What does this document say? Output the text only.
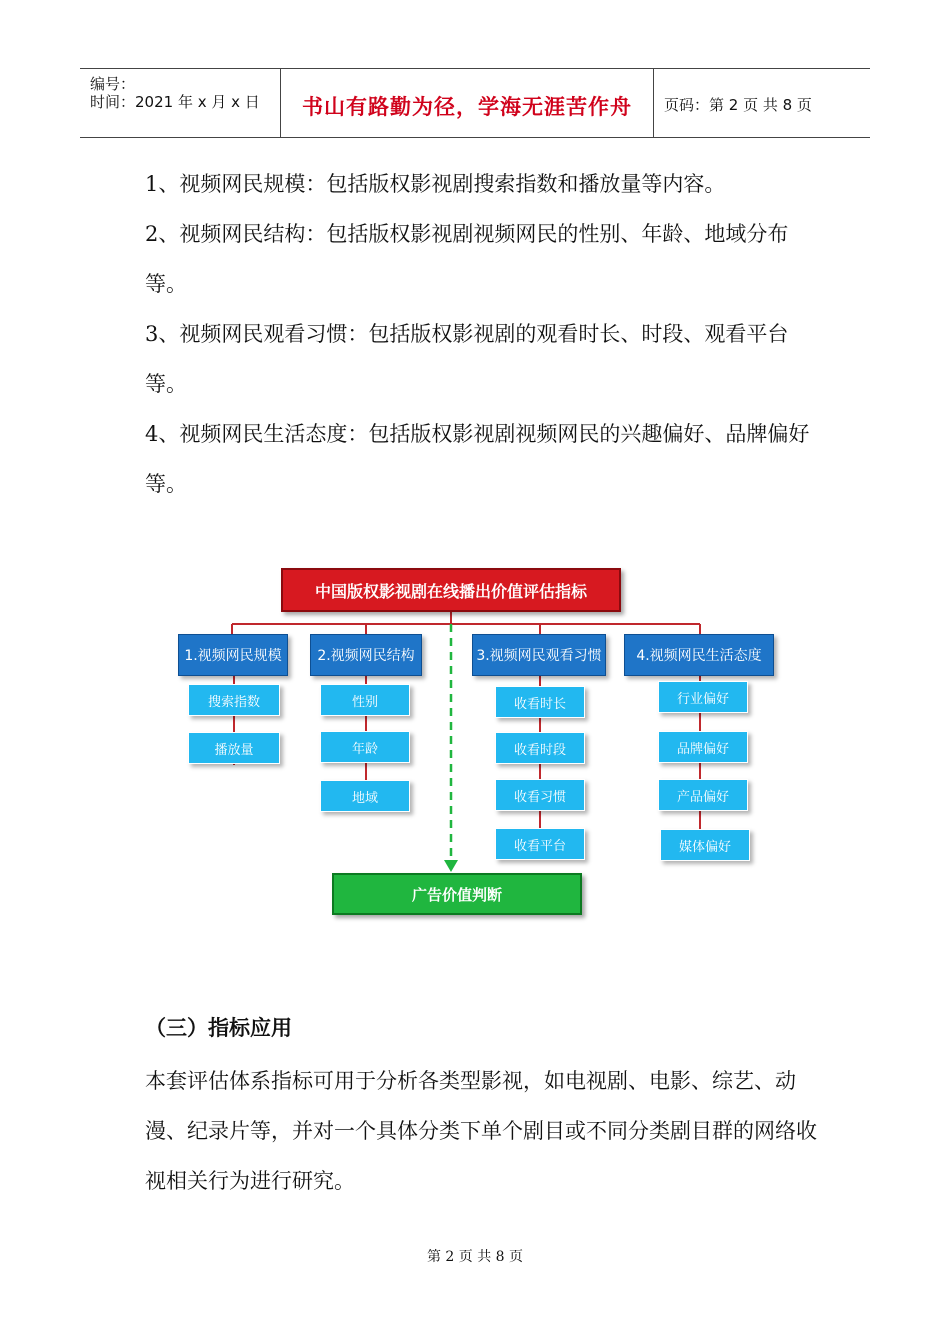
编号：
时间：2021 年 x 月 x 日	书山有路勤为径，学海无涯苦作舟	页码：第 2 页 共 8 页
1、视频网民规模：包括版权影视剧搜索指数和播放量等内容。
2、视频网民结构：包括版权影视剧视频网民的性别、年龄、地域分布等。
3、视频网民观看习惯：包括版权影视剧的观看时长、时段、观看平台等。
4、视频网民生活态度：包括版权影视剧视频网民的兴趣偏好、品牌偏好等。
中国版权影视剧在线播出价值评估指标
1.视频网民规模	2.视频网民结构	3.视频网民观看习惯	4.视频网民生活态度
搜索指数
播放量
性别
年龄
地域
收看时长
收看时段
收看习惯
收看平台
行业偏好
品牌偏好
产品偏好
媒体偏好
广告价值判断
（三）指标应用
本套评估体系指标可用于分析各类型影视，如电视剧、电影、综艺、动漫、纪录片等，并对一个具体分类下单个剧目或不同分类剧目群的网络收视相关行为进行研究。
第 2 页 共 8 页
